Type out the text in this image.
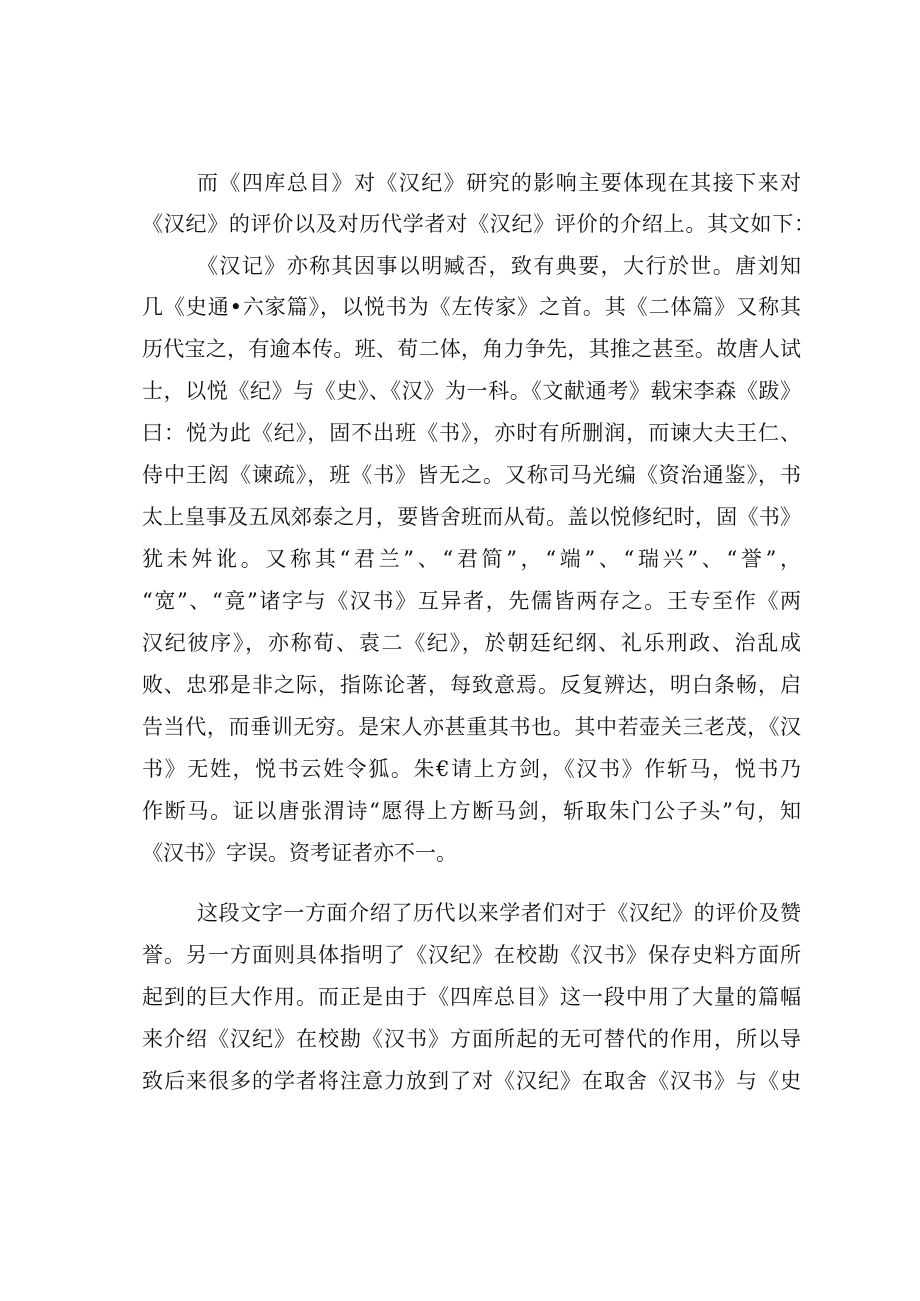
而《四库总目》对《汉纪》研究的影响主要体现在其接下来对
《汉纪》的评价以及对历代学者对《汉纪》评价的介绍上。其文如下：
《汉记》亦称其因事以明臧否，致有典要，大行於世。唐刘知
几《史通•六家篇》，以悦书为《左传家》之首。其《二体篇》又称其
历代宝之，有逾本传。班、荀二体，角力争先，其推之甚至。故唐人试
士，以悦《纪》与《史》、《汉》为一科。《文献通考》载宋李森《跋》
曰：悦为此《纪》，固不出班《书》，亦时有所删润，而谏大夫王仁、
侍中王闳《谏疏》，班《书》皆无之。又称司马光编《资治通鉴》，书
太上皇事及五凤郊泰之月，要皆舍班而从荀。盖以悦修纪时，固《书》
犹未舛讹。又称其“君兰”、“君简”，“端”、“瑞兴”、“誉”，
“宽”、“竟”诸字与《汉书》互异者，先儒皆两存之。王专至作《两
汉纪彼序》，亦称荀、袁二《纪》，於朝廷纪纲、礼乐刑政、治乱成
败、忠邪是非之际，指陈论著，每致意焉。反复辨达，明白条畅，启
告当代，而垂训无穷。是宋人亦甚重其书也。其中若壶关三老茂，《汉
书》无姓，悦书云姓令狐。朱€请上方剑，《汉书》作斩马，悦书乃
作断马。证以唐张渭诗“愿得上方断马剑，斩取朱门公子头”句，知
《汉书》字误。资考证者亦不一。
这段文字一方面介绍了历代以来学者们对于《汉纪》的评价及赞
誉。另一方面则具体指明了《汉纪》在校勘《汉书》保存史料方面所
起到的巨大作用。而正是由于《四库总目》这一段中用了大量的篇幅
来介绍《汉纪》在校勘《汉书》方面所起的无可替代的作用，所以导
致后来很多的学者将注意力放到了对《汉纪》在取舍《汉书》与《史
